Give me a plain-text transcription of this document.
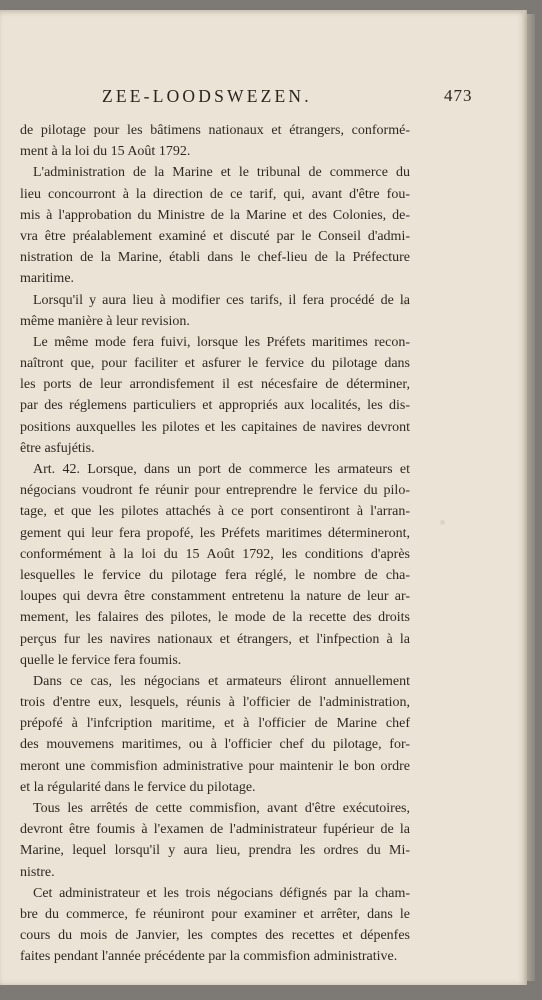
ZEE-LOODSWEZEN.	473

de pilotage pour les bâtimens nationaux et étrangers, conformé-
ment à la loi du 15 Août 1792.

L'administration de la Marine et le tribunal de commerce du
lieu concourront à la direction de ce tarif, qui, avant d'être fou-
mis à l'approbation du Ministre de la Marine et des Colonies, de-
vra être préalablement examiné et discuté par le Conseil d'admi-
nistration de la Marine, établi dans le chef-lieu de la Préfecture
maritime.

Lorsqu'il y aura lieu à modifier ces tarifs, il fera procédé de la
même manière à leur revision.

Le même mode fera fuivi, lorsque les Préfets maritimes recon-
naîtront que, pour faciliter et asfurer le fervice du pilotage dans
les ports de leur arrondisfement il est nécesfaire de déterminer,
par des réglemens particuliers et appropriés aux localités, les dis-
positions auxquelles les pilotes et les capitaines de navires devront
être asfujétis.

Art. 42. Lorsque, dans un port de commerce les armateurs et
négocians voudront fe réunir pour entreprendre le fervice du pilo-
tage, et que les pilotes attachés à ce port consentiront à l'arran-
gement qui leur fera propofé, les Préfets maritimes détermineront,
conformément à la loi du 15 Août 1792, les conditions d'après
lesquelles le fervice du pilotage fera réglé, le nombre de cha-
loupes qui devra être constamment entretenu la nature de leur ar-
mement, les falaires des pilotes, le mode de la recette des droits
perçus fur les navires nationaux et étrangers, et l'infpection à la
quelle le fervice fera foumis.

Dans ce cas, les négocians et armateurs éliront annuellement
trois d'entre eux, lesquels, réunis à l'officier de l'administration,
prépofé à l'infcription maritime, et à l'officier de Marine chef
des mouvemens maritimes, ou à l'officier chef du pilotage, for-
meront une commisfion administrative pour maintenir le bon ordre
et la régularité dans le fervice du pilotage.

Tous les arrêtés de cette commisfion, avant d'être exécutoires,
devront être foumis à l'examen de l'administrateur fupérieur de la
Marine, lequel lorsqu'il y aura lieu, prendra les ordres du Mi-
nistre.

Cet administrateur et les trois négocians défignés par la cham-
bre du commerce, fe réuniront pour examiner et arrêter, dans le
cours du mois de Janvier, les comptes des recettes et dépenfes
faites pendant l'année précédente par la commisfion administrative.
